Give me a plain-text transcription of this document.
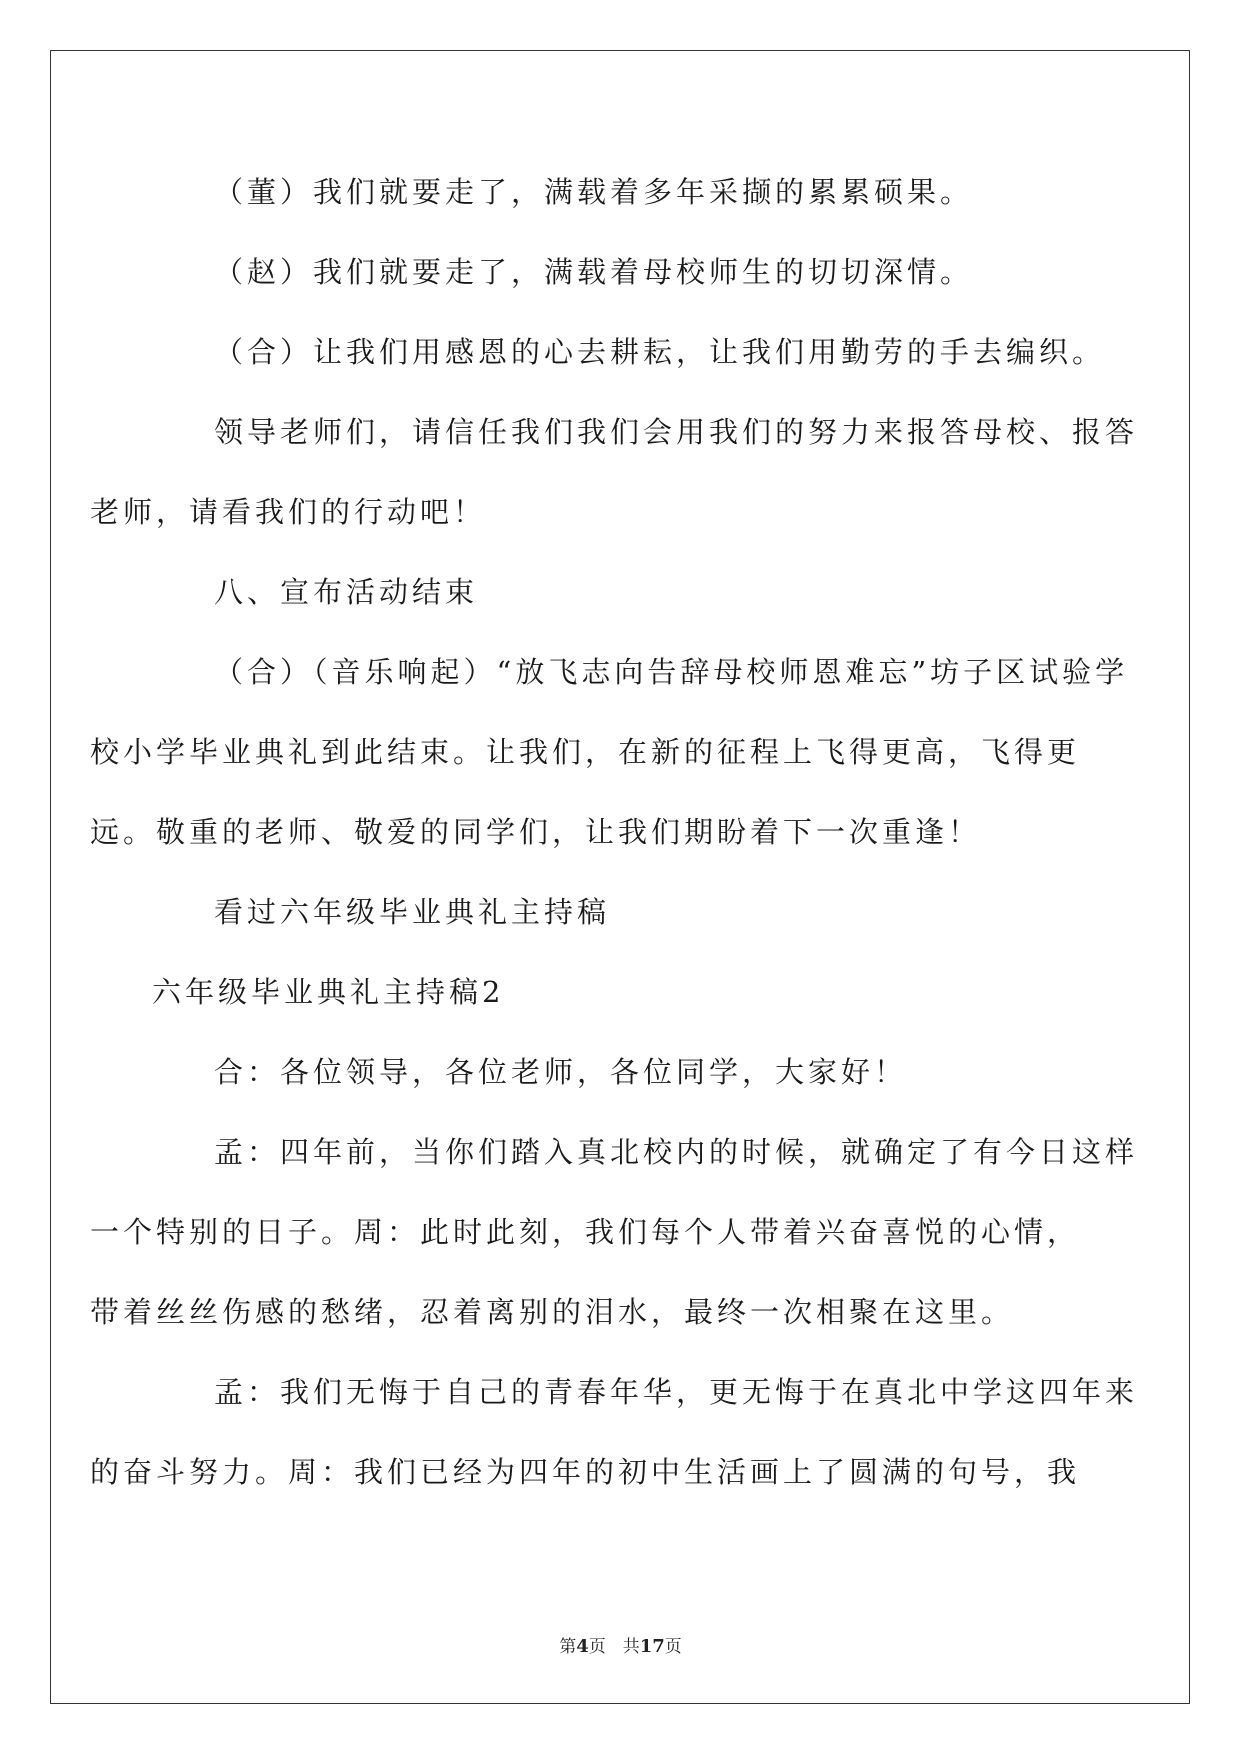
（董）我们就要走了，满载着多年采撷的累累硕果。

（赵）我们就要走了，满载着母校师生的切切深情。

（合）让我们用感恩的心去耕耘，让我们用勤劳的手去编织。

领导老师们，请信任我们我们会用我们的努力来报答母校、报答
老师，请看我们的行动吧！

八、宣布活动结束

（合）（音乐响起）“放飞志向告辞母校师恩难忘”坊子区试验学
校小学毕业典礼到此结束。让我们，在新的征程上飞得更高，飞得更
远。敬重的老师、敬爱的同学们，让我们期盼着下一次重逢！

看过六年级毕业典礼主持稿

六年级毕业典礼主持稿2

合：各位领导，各位老师，各位同学，大家好！

孟：四年前，当你们踏入真北校内的时候，就确定了有今日这样
一个特别的日子。周：此时此刻，我们每个人带着兴奋喜悦的心情，
带着丝丝伤感的愁绪，忍着离别的泪水，最终一次相聚在这里。

孟：我们无悔于自己的青春年华，更无悔于在真北中学这四年来
的奋斗努力。周：我们已经为四年的初中生活画上了圆满的句号，我

第4页　共17页
